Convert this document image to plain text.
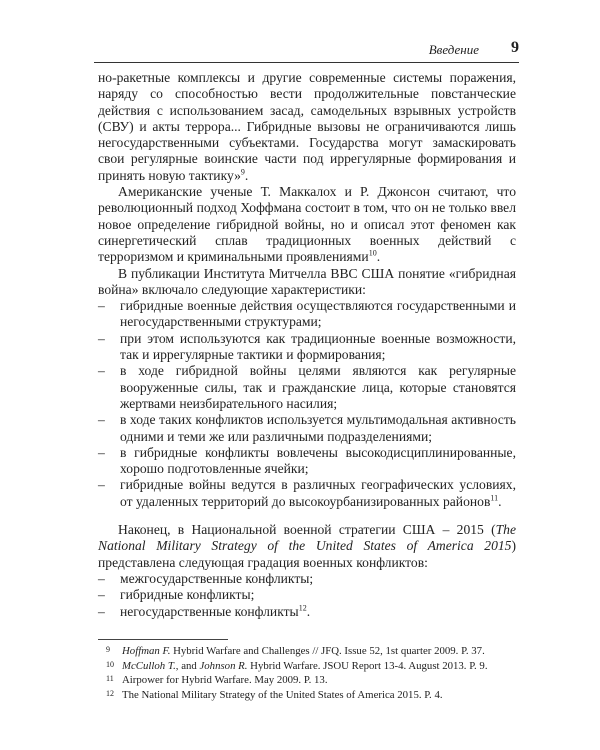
Введение 9

но-ракетные комплексы и другие современные системы поражения, наряду со способностью вести продолжительные повстанческие действия с использованием засад, самодельных взрывных устройств (СВУ) и акты террора... Гибридные вызовы не ограничиваются лишь негосударственными субъектами. Государства могут замаскировать свои регулярные воинские части под иррегулярные формирования и принять новую тактику»$^9$.

Американские ученые Т. Маккалох и Р. Джонсон считают, что революционный подход Хоффмана состоит в том, что он не только ввел новое определение гибридной войны, но и описал этот феномен как синергетический сплав традиционных военных действий с терроризмом и криминальными проявлениями$^{10}$.

В публикации Института Митчелла ВВС США понятие «гибридная война» включало следующие характеристики:

– гибридные военные действия осуществляются государственными и негосударственными структурами;
– при этом используются как традиционные военные возможности, так и иррегулярные тактики и формирования;
– в ходе гибридной войны целями являются как регулярные вооруженные силы, так и гражданские лица, которые становятся жертвами неизбирательного насилия;
– в ходе таких конфликтов используется мультимодальная активность одними и теми же или различными подразделениями;
– в гибридные конфликты вовлечены высокодисциплинированные, хорошо подготовленные ячейки;
– гибридные войны ведутся в различных географических условиях, от удаленных территорий до высокоурбанизированных районов$^{11}$.

Наконец, в Национальной военной стратегии США – 2015 (The National Military Strategy of the United States of America 2015) представлена следующая градация военных конфликтов:

– межгосударственные конфликты;
– гибридные конфликты;
– негосударственные конфликты$^{12}$.
9 Hoffman F. Hybrid Warfare and Challenges // JFQ. Issue 52, 1st quarter 2009. P. 37.
10 McCulloh T., and Johnson R. Hybrid Warfare. JSOU Report 13-4. August 2013. P. 9.
11 Airpower for Hybrid Warfare. May 2009. P. 13.
12 The National Military Strategy of the United States of America 2015. P. 4.
